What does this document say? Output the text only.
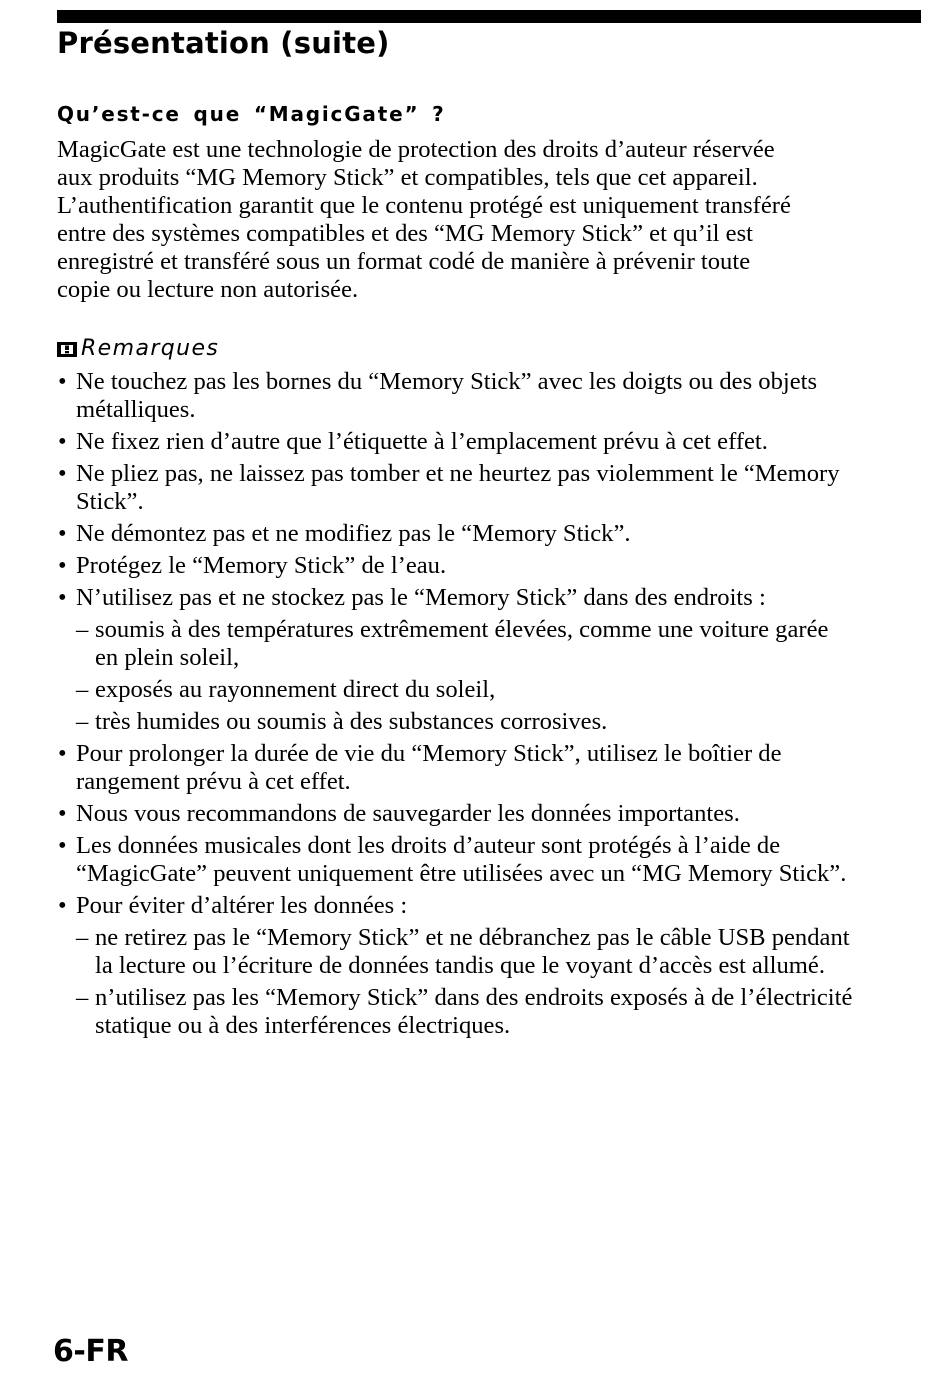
Présentation (suite)
Qu’est-ce que “MagicGate” ?

MagicGate est une technologie de protection des droits d’auteur réservée
aux produits “MG Memory Stick” et compatibles, tels que cet appareil.
L’authentification garantit que le contenu protégé est uniquement transféré
entre des systèmes compatibles et des “MG Memory Stick” et qu’il est
enregistré et transféré sous un format codé de manière à prévenir toute
copie ou lecture non autorisée.

Remarques
• Ne touchez pas les bornes du “Memory Stick” avec les doigts ou des objets
métalliques.
• Ne fixez rien d’autre que l’étiquette à l’emplacement prévu à cet effet.
• Ne pliez pas, ne laissez pas tomber et ne heurtez pas violemment le “Memory
Stick”.
• Ne démontez pas et ne modifiez pas le “Memory Stick”.
• Protégez le “Memory Stick” de l’eau.
• N’utilisez pas et ne stockez pas le “Memory Stick” dans des endroits :
– soumis à des températures extrêmement élevées, comme une voiture garée
en plein soleil,
– exposés au rayonnement direct du soleil,
– très humides ou soumis à des substances corrosives.
• Pour prolonger la durée de vie du “Memory Stick”, utilisez le boîtier de
rangement prévu à cet effet.
• Nous vous recommandons de sauvegarder les données importantes.
• Les données musicales dont les droits d’auteur sont protégés à l’aide de
“MagicGate” peuvent uniquement être utilisées avec un “MG Memory Stick”.
• Pour éviter d’altérer les données :
– ne retirez pas le “Memory Stick” et ne débranchez pas le câble USB pendant
la lecture ou l’écriture de données tandis que le voyant d’accès est allumé.
– n’utilisez pas les “Memory Stick” dans des endroits exposés à de l’électricité
statique ou à des interférences électriques.
6-FR
